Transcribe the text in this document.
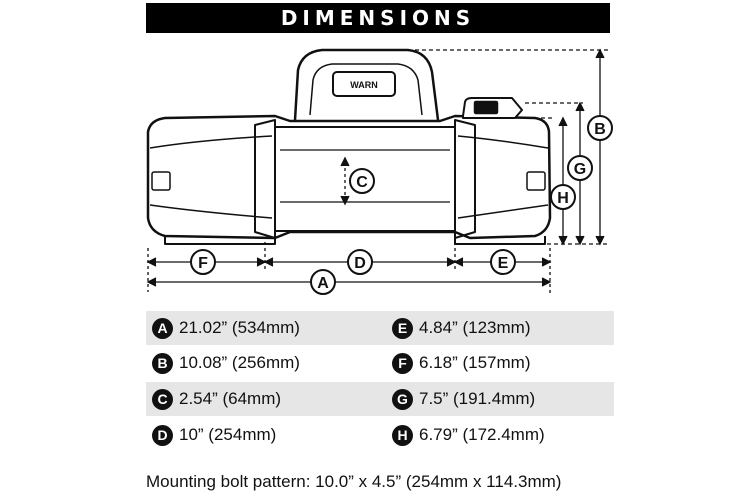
DIMENSIONS
WARN
B
G
H
C
F	D	E
A
A 21.02” (534mm)	E 4.84” (123mm)
B 10.08” (256mm)	F 6.18” (157mm)
C 2.54” (64mm)	G 7.5” (191.4mm)
D 10” (254mm)	H 6.79” (172.4mm)
Mounting bolt pattern: 10.0” x 4.5” (254mm x 114.3mm)
